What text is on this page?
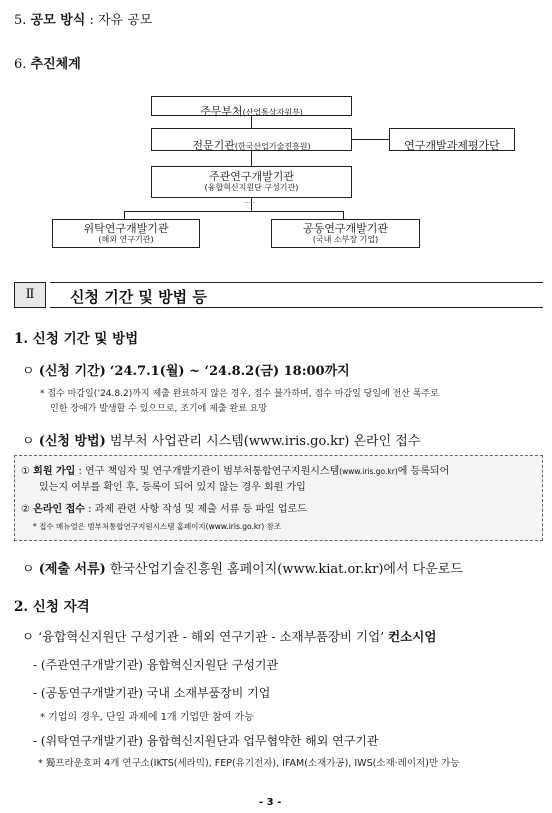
5. 공모 방식 : 자유 공모
6. 추진체계
주무부처(산업통상자원부)
전문기관(한국산업기술진흥원)	연구개발과제평가단
주관연구개발기관
(융합혁신지원단 구성기관)
·····
위탁연구개발기관
(해외 연구기관)
공동연구개발기관
(국내 소부장 기업)
Ⅱ	신청 기간 및 방법 등
1. 신청 기간 및 방법
ㅇ (신청 기간) ‘24.7.1(월) ~ ‘24.8.2(금) 18:00까지
* 접수 마감일(’24.8.2)까지 제출 완료하지 않은 경우, 접수 불가하며, 접수 마감일 당일에 전산 폭주로
인한 장애가 발생할 수 있으므로, 조기에 제출 완료 요망
ㅇ (신청 방법) 범부처 사업관리 시스템(www.iris.go.kr) 온라인 접수
① 회원 가입 : 연구 책임자 및 연구개발기관이 범부처통합연구지원시스템(www.iris.go.kr)에 등록되어
있는지 여부를 확인 후, 등록이 되어 있지 않는 경우 회원 가입
② 온라인 접수 : 과제 관련 사항 작성 및 제출 서류 등 파일 업로드
* 접수 매뉴얼은 범부처통합연구지원시스템 홈페이지(www.iris.go.kr) 참조
ㅇ (제출 서류) 한국산업기술진흥원 홈페이지(www.kiat.or.kr)에서 다운로드
2. 신청 자격
ㅇ ‘융합혁신지원단 구성기관 - 해외 연구기관 - 소재부품장비 기업’ 컨소시엄
- (주관연구개발기관) 융합혁신지원단 구성기관
- (공동연구개발기관) 국내 소재부품장비 기업
* 기업의 경우, 단일 과제에 1개 기업만 참여 가능
- (위탁연구개발기관) 융합혁신지원단과 업무협약한 해외 연구기관
* 獨프라운호퍼 4개 연구소(IKTS(세라믹), FEP(유기전자), IFAM(소재가공), IWS(소재·레이저)만 가능
- 3 -
